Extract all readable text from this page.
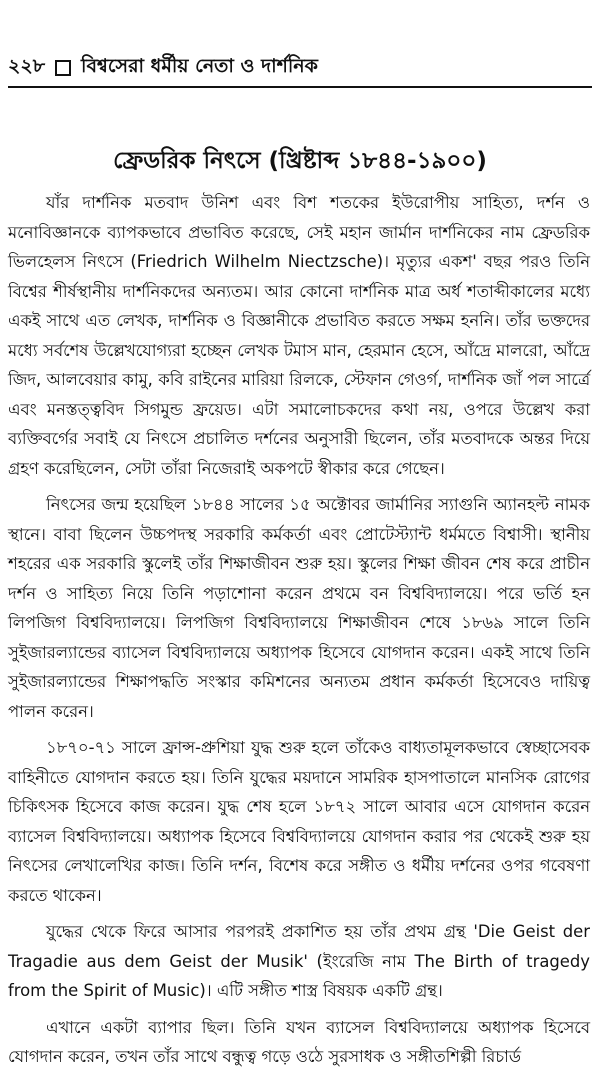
২২৮ বিশ্বসেরা ধর্মীয় নেতা ও দার্শনিক
ফ্রেডরিক নিৎসে (খ্রিষ্টাব্দ ১৮৪৪-১৯০০)

যাঁর দার্শনিক মতবাদ উনিশ এবং বিশ শতকের ইউরোপীয় সাহিত্য, দর্শন ও মনোবিজ্ঞানকে ব্যাপকভাবে প্রভাবিত করেছে, সেই মহান জার্মান দার্শনিকের নাম ফ্রেডরিক ভিলহেলস নিৎসে (Friedrich Wilhelm Niectzsche)। মৃত্যুর একশ' বছর পরও তিনি বিশ্বের শীর্ষস্থানীয় দার্শনিকদের অন্যতম। আর কোনো দার্শনিক মাত্র অর্ধ শতাব্দীকালের মধ্যে একই সাথে এত লেখক, দার্শনিক ও বিজ্ঞানীকে প্রভাবিত করতে সক্ষম হননি। তাঁর ভক্তদের মধ্যে সর্বশেষ উল্লেখযোগ্যরা হচ্ছেন লেখক টমাস মান, হেরমান হেসে, আঁদ্রে মালরো, আঁদ্রে জিদ, আলবেয়ার কামু, কবি রাইনের মারিয়া রিলকে, স্টেফান গেওর্গ, দার্শনিক জাঁ পল সার্ত্রে এবং মনস্তত্ত্ববিদ সিগমুন্ড ফ্রয়েড। এটা সমালোচকদের কথা নয়, ওপরে উল্লেখ করা ব্যক্তিবর্গের সবাই যে নিৎসে প্রচালিত দর্শনের অনুসারী ছিলেন, তাঁর মতবাদকে অন্তর দিয়ে গ্রহণ করেছিলেন, সেটা তাঁরা নিজেরাই অকপটে স্বীকার করে গেছেন।

নিৎসের জন্ম হয়েছিল ১৮৪৪ সালের ১৫ অক্টোবর জার্মানির স্যাগুনি অ্যানহল্ট নামক স্থানে। বাবা ছিলেন উচ্চপদস্থ সরকারি কর্মকর্তা এবং প্রোটেস্ট্যান্ট ধর্মমতে বিশ্বাসী। স্থানীয় শহরের এক সরকারি স্কুলেই তাঁর শিক্ষাজীবন শুরু হয়। স্কুলের শিক্ষা জীবন শেষ করে প্রাচীন দর্শন ও সাহিত্য নিয়ে তিনি পড়াশোনা করেন প্রথমে বন বিশ্ববিদ্যালয়ে। পরে ভর্তি হন লিপজিগ বিশ্ববিদ্যালয়ে। লিপজিগ বিশ্ববিদ্যালয়ে শিক্ষাজীবন শেষে ১৮৬৯ সালে তিনি সুইজারল্যান্ডের ব্যাসেল বিশ্ববিদ্যালয়ে অধ্যাপক হিসেবে যোগদান করেন। একই সাথে তিনি সুইজারল্যান্ডের শিক্ষাপদ্ধতি সংস্কার কমিশনের অন্যতম প্রধান কর্মকর্তা হিসেবেও দায়িত্ব পালন করেন।

১৮৭০-৭১ সালে ফ্রান্স-প্রুশিয়া যুদ্ধ শুরু হলে তাঁকেও বাধ্যতামূলকভাবে স্বেচ্ছাসেবক বাহিনীতে যোগদান করতে হয়। তিনি যুদ্ধের ময়দানে সামরিক হাসপাতালে মানসিক রোগের চিকিৎসক হিসেবে কাজ করেন। যুদ্ধ শেষ হলে ১৮৭২ সালে আবার এসে যোগদান করেন ব্যাসেল বিশ্ববিদ্যালয়ে। অধ্যাপক হিসেবে বিশ্ববিদ্যালয়ে যোগদান করার পর থেকেই শুরু হয় নিৎসের লেখালেখির কাজ। তিনি দর্শন, বিশেষ করে সঙ্গীত ও ধর্মীয় দর্শনের ওপর গবেষণা করতে থাকেন।

যুদ্ধের থেকে ফিরে আসার পরপরই প্রকাশিত হয় তাঁর প্রথম গ্রন্থ 'Die Geist der Tragadie aus dem Geist der Musik' (ইংরেজি নাম The Birth of tragedy from the Spirit of Music)। এটি সঙ্গীত শাস্ত্র বিষয়ক একটি গ্রন্থ।

এখানে একটা ব্যাপার ছিল। তিনি যখন ব্যাসেল বিশ্ববিদ্যালয়ে অধ্যাপক হিসেবে যোগদান করেন, তখন তাঁর সাথে বন্ধুত্ব গড়ে ওঠে সুরসাধক ও সঙ্গীতশিল্পী রিচার্ড
